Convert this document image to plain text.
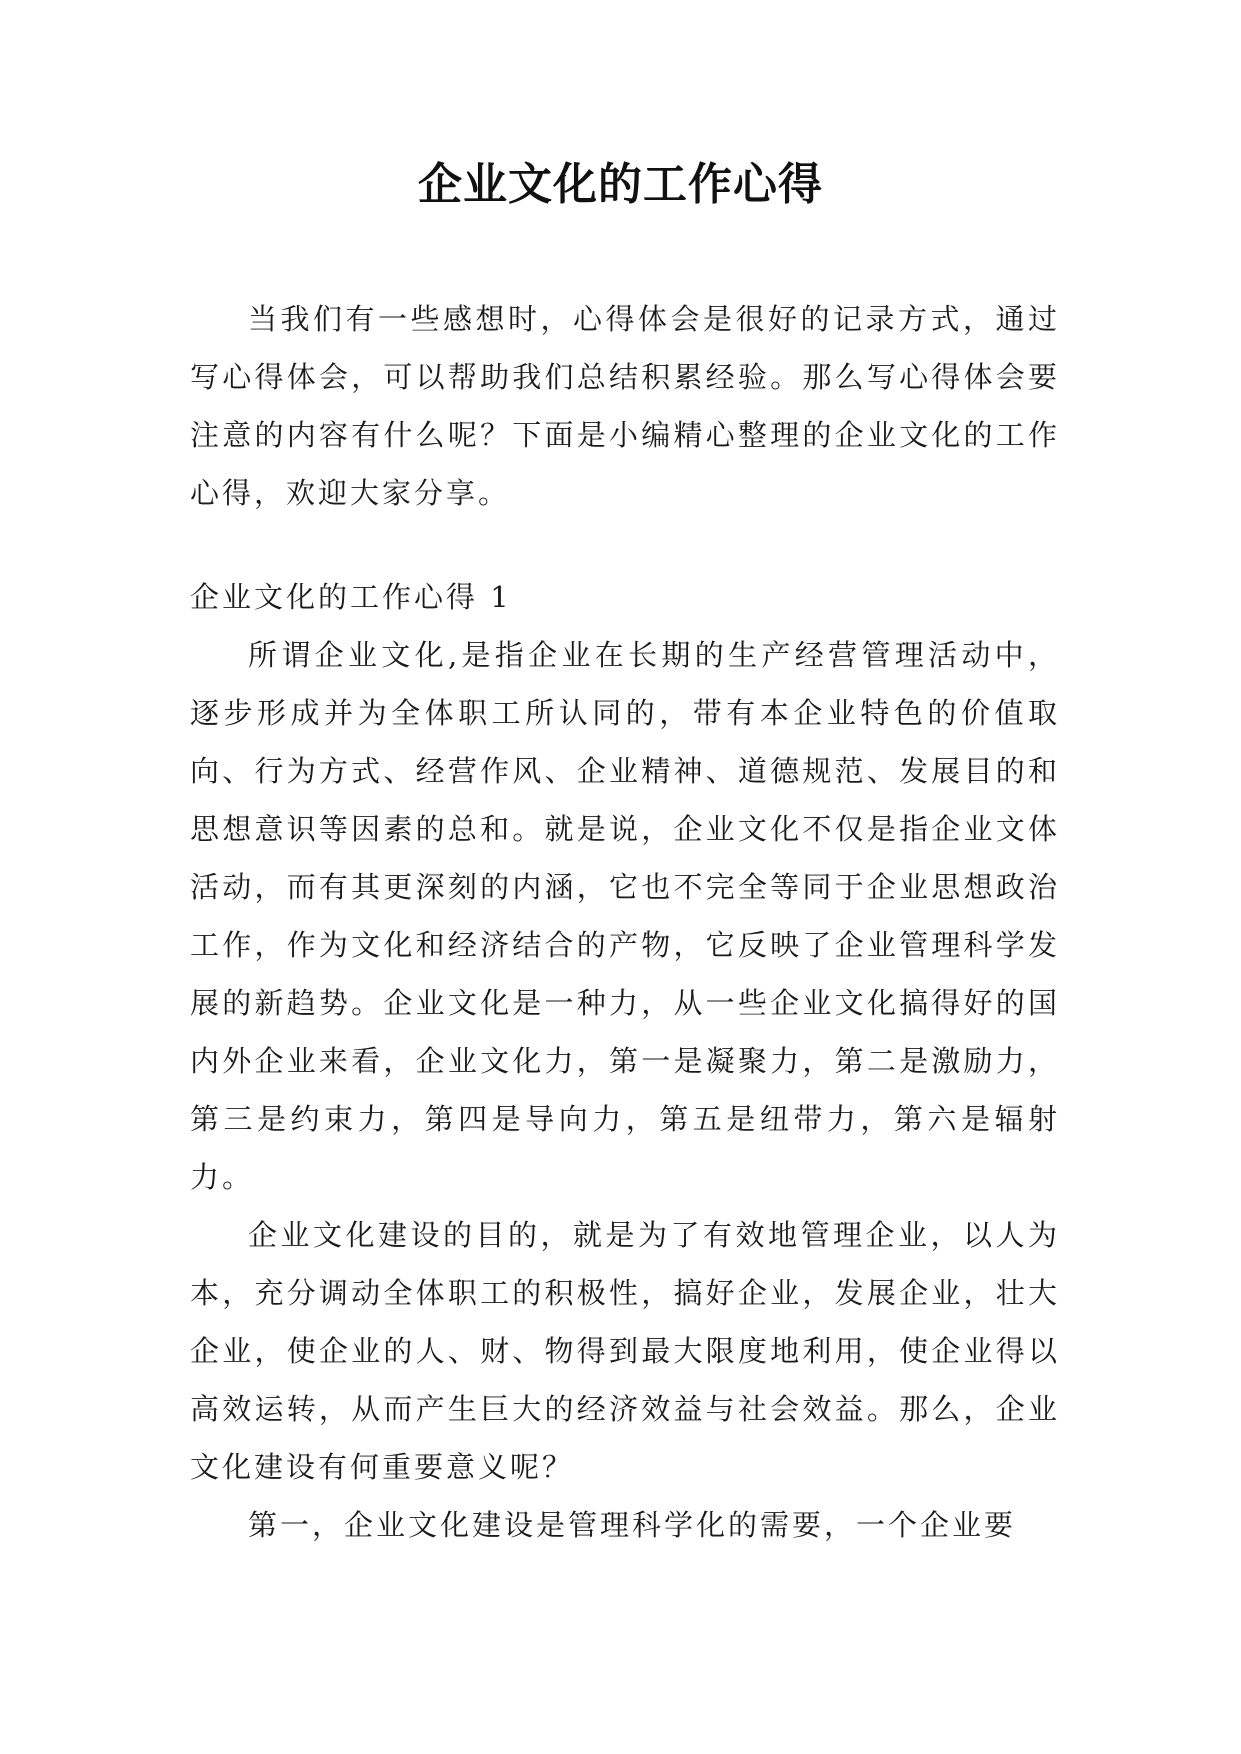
企业文化的工作心得

当我们有一些感想时，心得体会是很好的记录方式，通过写心得体会，可以帮助我们总结积累经验。那么写心得体会要注意的内容有什么呢？下面是小编精心整理的企业文化的工作心得，欢迎大家分享。

企业文化的工作心得 1

所谓企业文化,是指企业在长期的生产经营管理活动中，逐步形成并为全体职工所认同的，带有本企业特色的价值取向、行为方式、经营作风、企业精神、道德规范、发展目的和思想意识等因素的总和。就是说，企业文化不仅是指企业文体活动，而有其更深刻的内涵，它也不完全等同于企业思想政治工作，作为文化和经济结合的产物，它反映了企业管理科学发展的新趋势。企业文化是一种力，从一些企业文化搞得好的国内外企业来看，企业文化力，第一是凝聚力，第二是激励力，第三是约束力，第四是导向力，第五是纽带力，第六是辐射力。

企业文化建设的目的，就是为了有效地管理企业，以人为本，充分调动全体职工的积极性，搞好企业，发展企业，壮大企业，使企业的人、财、物得到最大限度地利用，使企业得以高效运转，从而产生巨大的经济效益与社会效益。那么，企业文化建设有何重要意义呢？

第一，企业文化建设是管理科学化的需要，一个企业要
